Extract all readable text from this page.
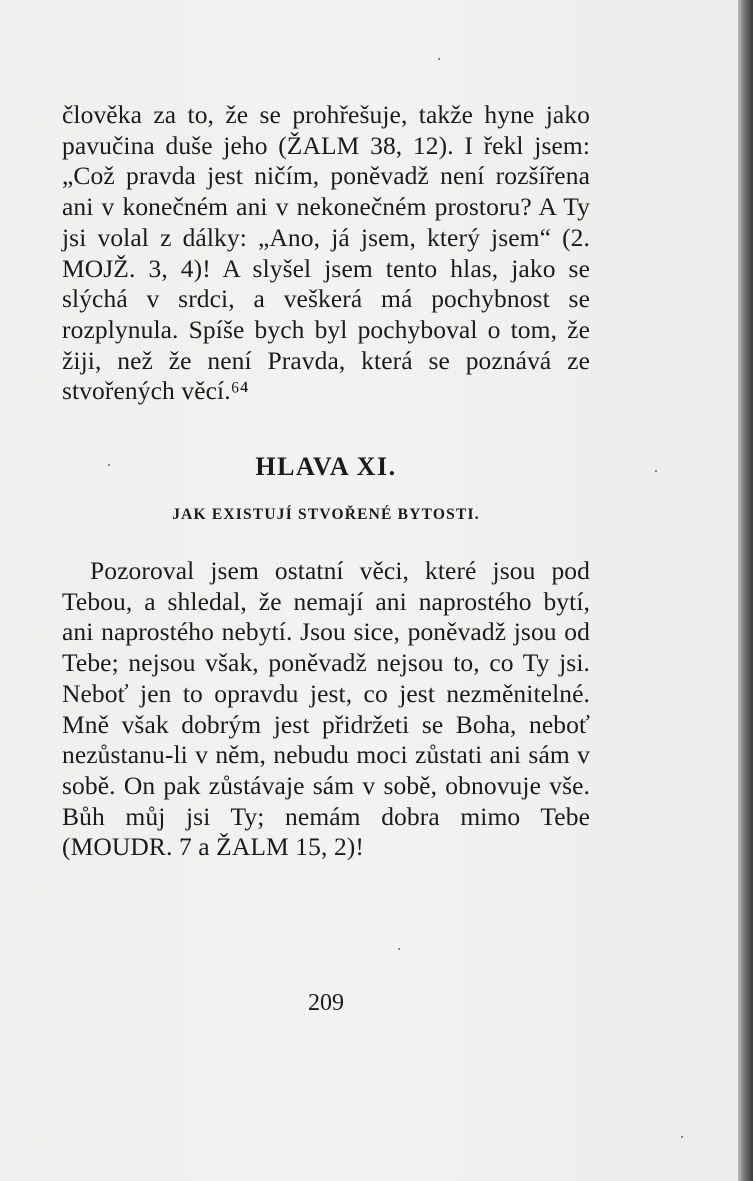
člověka za to, že se prohřešuje, takže hyne jako pavučina duše jeho (ŽALM 38, 12). I řekl jsem: „Což pravda jest ničím, poněvadž není rozšířena ani v konečném ani v nekonečném prostoru? A Ty jsi volal z dálky: „Ano, já jsem, který jsem“ (2. MOJŽ. 3, 4)! A slyšel jsem tento hlas, jako se slýchá v srdci, a veškerá má pochybnost se rozplynula. Spíše bych byl pochyboval o tom, že žiji, než že není Pravda, která se poznává ze stvořených věcí.⁶⁴

HLAVA XI.
JAK EXISTUJÍ STVOŘENÉ BYTOSTI.

Pozoroval jsem ostatní věci, které jsou pod Tebou, a shledal, že nemají ani naprostého bytí, ani naprostého nebytí. Jsou sice, poněvadž jsou od Tebe; nejsou však, poněvadž nejsou to, co Ty jsi. Neboť jen to opravdu jest, co jest nezměnitelné. Mně však dobrým jest přidržeti se Boha, neboť nezůstanu-li v něm, nebudu moci zůstati ani sám v sobě. On pak zůstávaje sám v sobě, obnovuje vše. Bůh můj jsi Ty; nemám dobra mimo Tebe (MOUDR. 7 a ŽALM 15, 2)!

209
